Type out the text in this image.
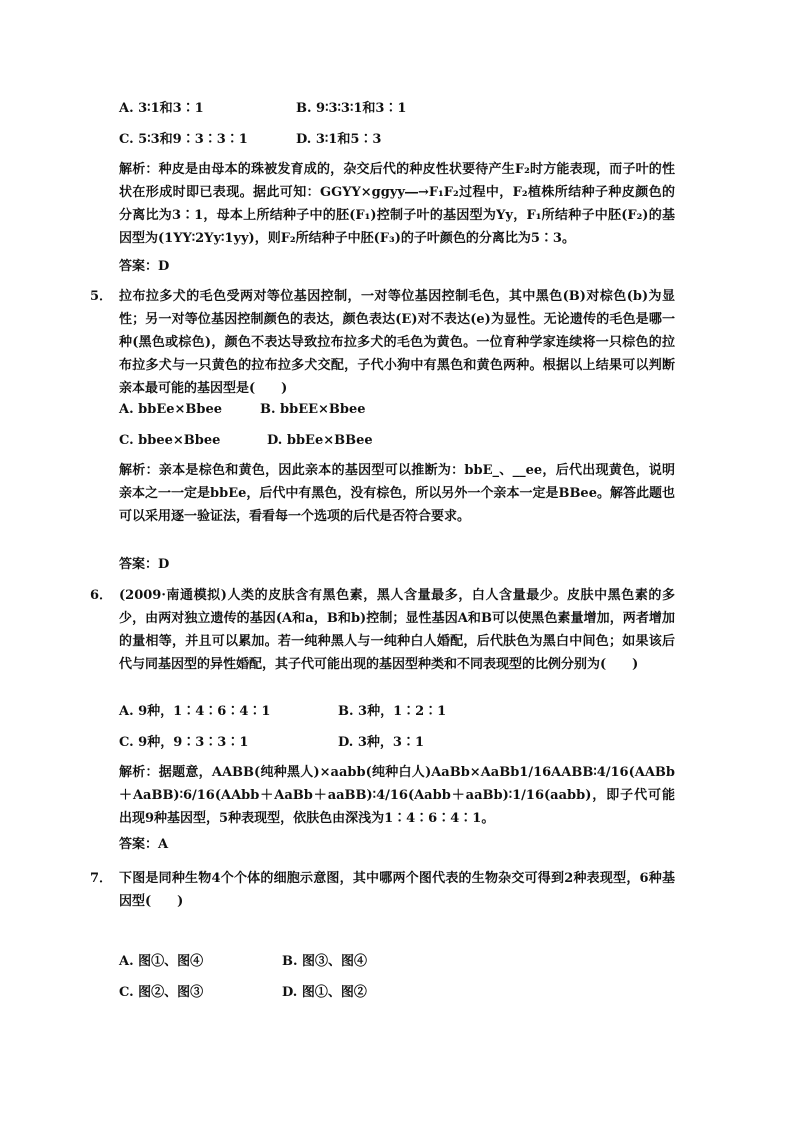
A. 3∶1和3∶1	B. 9∶3∶3∶1和3∶1
C. 5∶3和9∶3∶3∶1	D. 3∶1和5∶3
解析：种皮是由母本的珠被发育成的，杂交后代的种皮性状要待产生F₂时方能表现，而子叶的性状在形成时即已表现。据此可知：GGYY×ggyy―→F₁F₂过程中，F₂植株所结种子种皮颜色的分离比为3∶1，母本上所结种子中的胚(F₁)控制子叶的基因型为Yy，F₁所结种子中胚(F₂)的基因型为(1YY∶2Yy∶1yy)，则F₂所结种子中胚(F₃)的子叶颜色的分离比为5∶3。
答案：D
5． 拉布拉多犬的毛色受两对等位基因控制，一对等位基因控制毛色，其中黑色(B)对棕色(b)为显性；另一对等位基因控制颜色的表达，颜色表达(E)对不表达(e)为显性。无论遗传的毛色是哪一种(黑色或棕色)，颜色不表达导致拉布拉多犬的毛色为黄色。一位育种学家连续将一只棕色的拉布拉多犬与一只黄色的拉布拉多犬交配，子代小狗中有黑色和黄色两种。根据以上结果可以判断亲本最可能的基因型是(　　)
A. bbEe×Bbee	B. bbEE×Bbee
C. bbee×Bbee	D. bbEe×BBee
解析：亲本是棕色和黄色，因此亲本的基因型可以推断为：bbE_、__ee，后代出现黄色，说明亲本之一一定是bbEe，后代中有黑色，没有棕色，所以另外一个亲本一定是BBee。解答此题也可以采用逐一验证法，看看每一个选项的后代是否符合要求。
答案：D
6． (2009·南通模拟)人类的皮肤含有黑色素，黑人含量最多，白人含量最少。皮肤中黑色素的多少，由两对独立遗传的基因(A和a，B和b)控制；显性基因A和B可以使黑色素量增加，两者增加的量相等，并且可以累加。若一纯种黑人与一纯种白人婚配，后代肤色为黑白中间色；如果该后代与同基因型的异性婚配，其子代可能出现的基因型种类和不同表现型的比例分别为(　　)
A. 9种，1∶4∶6∶4∶1	B. 3种，1∶2∶1
C. 9种，9∶3∶3∶1	D. 3种，3∶1
解析：据题意，AABB(纯种黑人)×aabb(纯种白人)AaBb×AaBb1/16AABB∶4/16(AABb＋AaBB)∶6/16(AAbb＋AaBb＋aaBB)∶4/16(Aabb＋aaBb)∶1/16(aabb)，即子代可能出现9种基因型，5种表现型，依肤色由深浅为1∶4∶6∶4∶1。
答案：A
7． 下图是同种生物4个个体的细胞示意图，其中哪两个图代表的生物杂交可得到2种表现型，6种基因型(　　)
A. 图①、图④	B. 图③、图④
C. 图②、图③	D. 图①、图②
